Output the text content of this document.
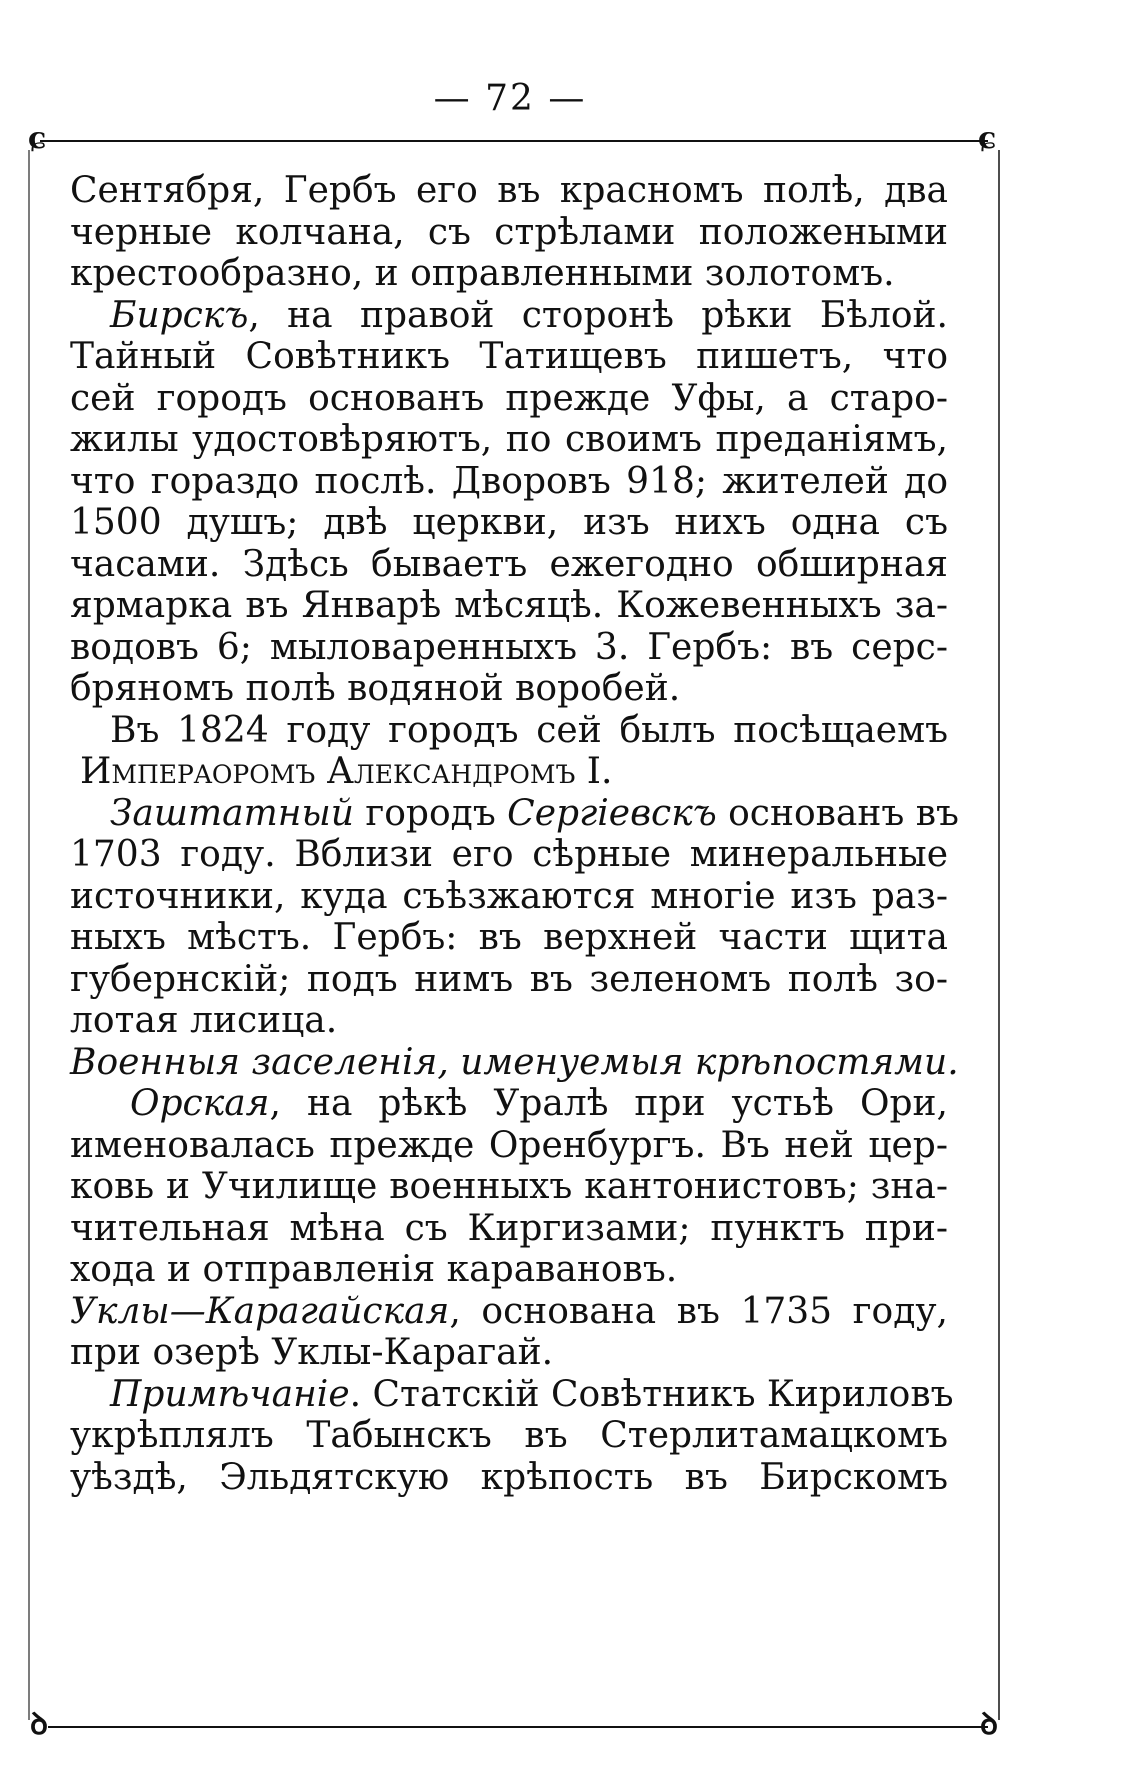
— 72 —
ɕ	ɕ
ꝺ	ꝺ
Сентября, Гербъ его въ красномъ полѣ, два
черные колчана, съ стрѣлами положеными
крестообразно, и оправленными золотомъ.
Бирскъ, на правой сторонѣ рѣки Бѣлой.
Тайный Совѣтникъ Татищевъ пишетъ, что
сей городъ основанъ прежде Уфы, а старо-
жилы удостовѣряютъ, по своимъ преданіямъ,
что гораздо послѣ. Дворовъ 918; жителей до
1500 душъ; двѣ церкви, изъ нихъ одна съ
часами. Здѣсь бываетъ ежегодно обширная
ярмарка въ Январѣ мѣсяцѣ. Кожевенныхъ за-
водовъ 6; мыловаренныхъ 3. Гербъ: въ серс-
бряномъ полѣ водяной воробей.
Въ 1824 году городъ сей былъ посѣщаемъ
Имперaоромъ Александромъ I.
Заштатный городъ Сергіевскъ основанъ въ
1703 году. Вблизи его сѣрные минеральные
источники, куда съѣзжаются многіе изъ раз-
ныхъ мѣстъ. Гербъ: въ верхней части щита
губернскій; подъ нимъ въ зеленомъ полѣ зо-
лотая лисица.
Военныя заселенія, именуемыя крѣпостями.
Орская, на рѣкѣ Уралѣ при устьѣ Ори,
именовалась прежде Оренбургъ. Въ ней цер-
ковь и Училище военныхъ кантонистовъ; зна-
чительная мѣна съ Киргизами; пунктъ при-
хода и отправленія каравановъ.
Уклы—Карагайская, основана въ 1735 году,
при озерѣ Уклы-Карагай.
Примѣчаніе. Статскій Совѣтникъ Кириловъ
укрѣплялъ Табынскъ въ Стерлитамацкомъ
уѣздѣ, Эльдятскую крѣпость въ Бирскомъ
